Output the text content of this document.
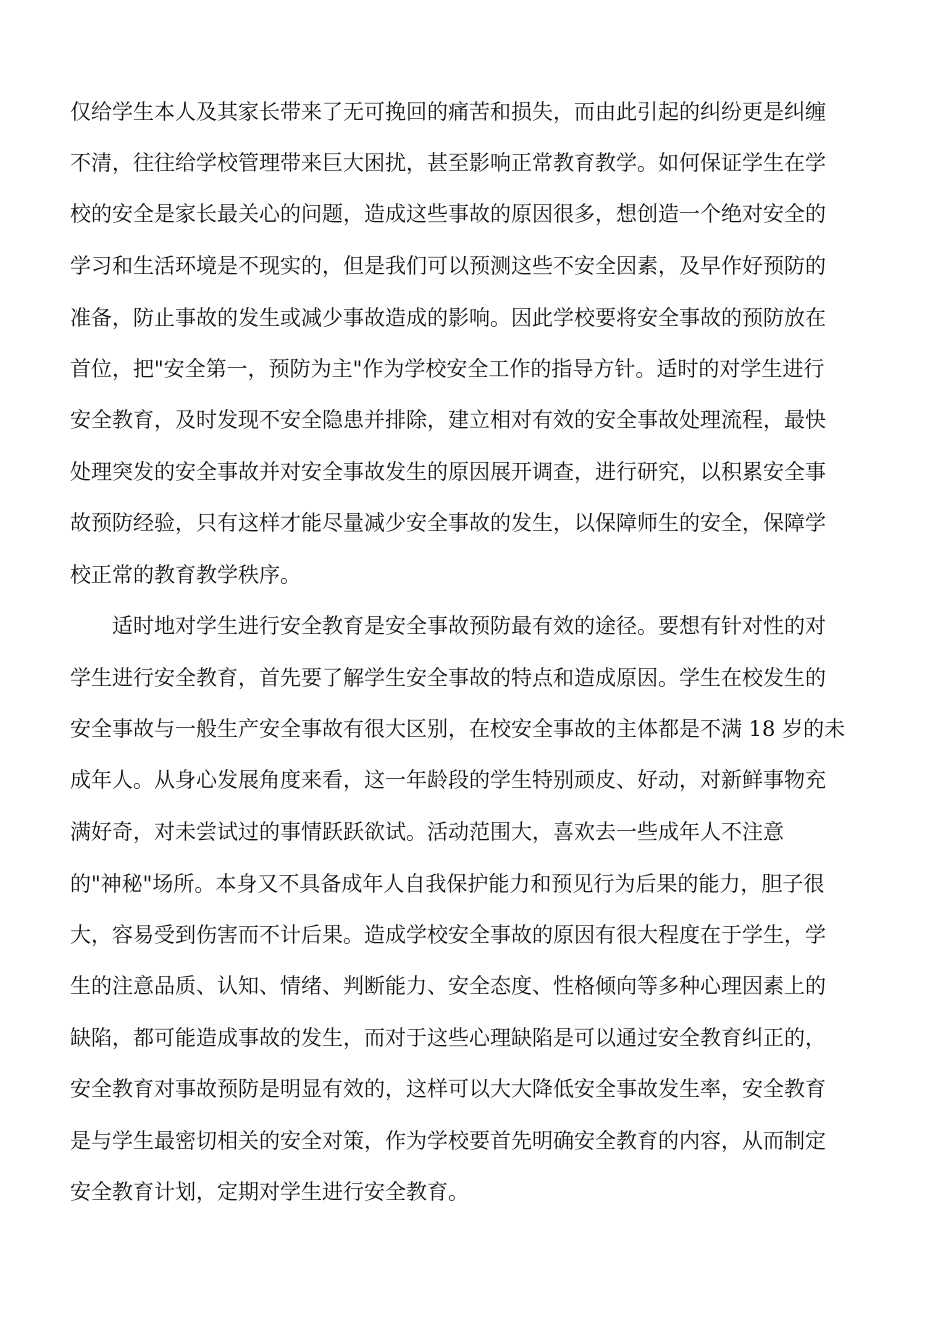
仅给学生本人及其家长带来了无可挽回的痛苦和损失，而由此引起的纠纷更是纠缠
不清，往往给学校管理带来巨大困扰，甚至影响正常教育教学。如何保证学生在学
校的安全是家长最关心的问题，造成这些事故的原因很多，想创造一个绝对安全的
学习和生活环境是不现实的，但是我们可以预测这些不安全因素，及早作好预防的
准备，防止事故的发生或减少事故造成的影响。因此学校要将安全事故的预防放在
首位，把"安全第一，预防为主"作为学校安全工作的指导方针。适时的对学生进行
安全教育，及时发现不安全隐患并排除，建立相对有效的安全事故处理流程，最快
处理突发的安全事故并对安全事故发生的原因展开调查，进行研究，以积累安全事
故预防经验，只有这样才能尽量减少安全事故的发生，以保障师生的安全，保障学
校正常的教育教学秩序。
适时地对学生进行安全教育是安全事故预防最有效的途径。要想有针对性的对
学生进行安全教育，首先要了解学生安全事故的特点和造成原因。学生在校发生的
安全事故与一般生产安全事故有很大区别，在校安全事故的主体都是不满 18 岁的未
成年人。从身心发展角度来看，这一年龄段的学生特别顽皮、好动，对新鲜事物充
满好奇，对未尝试过的事情跃跃欲试。活动范围大，喜欢去一些成年人不注意
的"神秘"场所。本身又不具备成年人自我保护能力和预见行为后果的能力，胆子很
大，容易受到伤害而不计后果。造成学校安全事故的原因有很大程度在于学生，学
生的注意品质、认知、情绪、判断能力、安全态度、性格倾向等多种心理因素上的
缺陷，都可能造成事故的发生，而对于这些心理缺陷是可以通过安全教育纠正的，
安全教育对事故预防是明显有效的，这样可以大大降低安全事故发生率，安全教育
是与学生最密切相关的安全对策，作为学校要首先明确安全教育的内容，从而制定
安全教育计划，定期对学生进行安全教育。
